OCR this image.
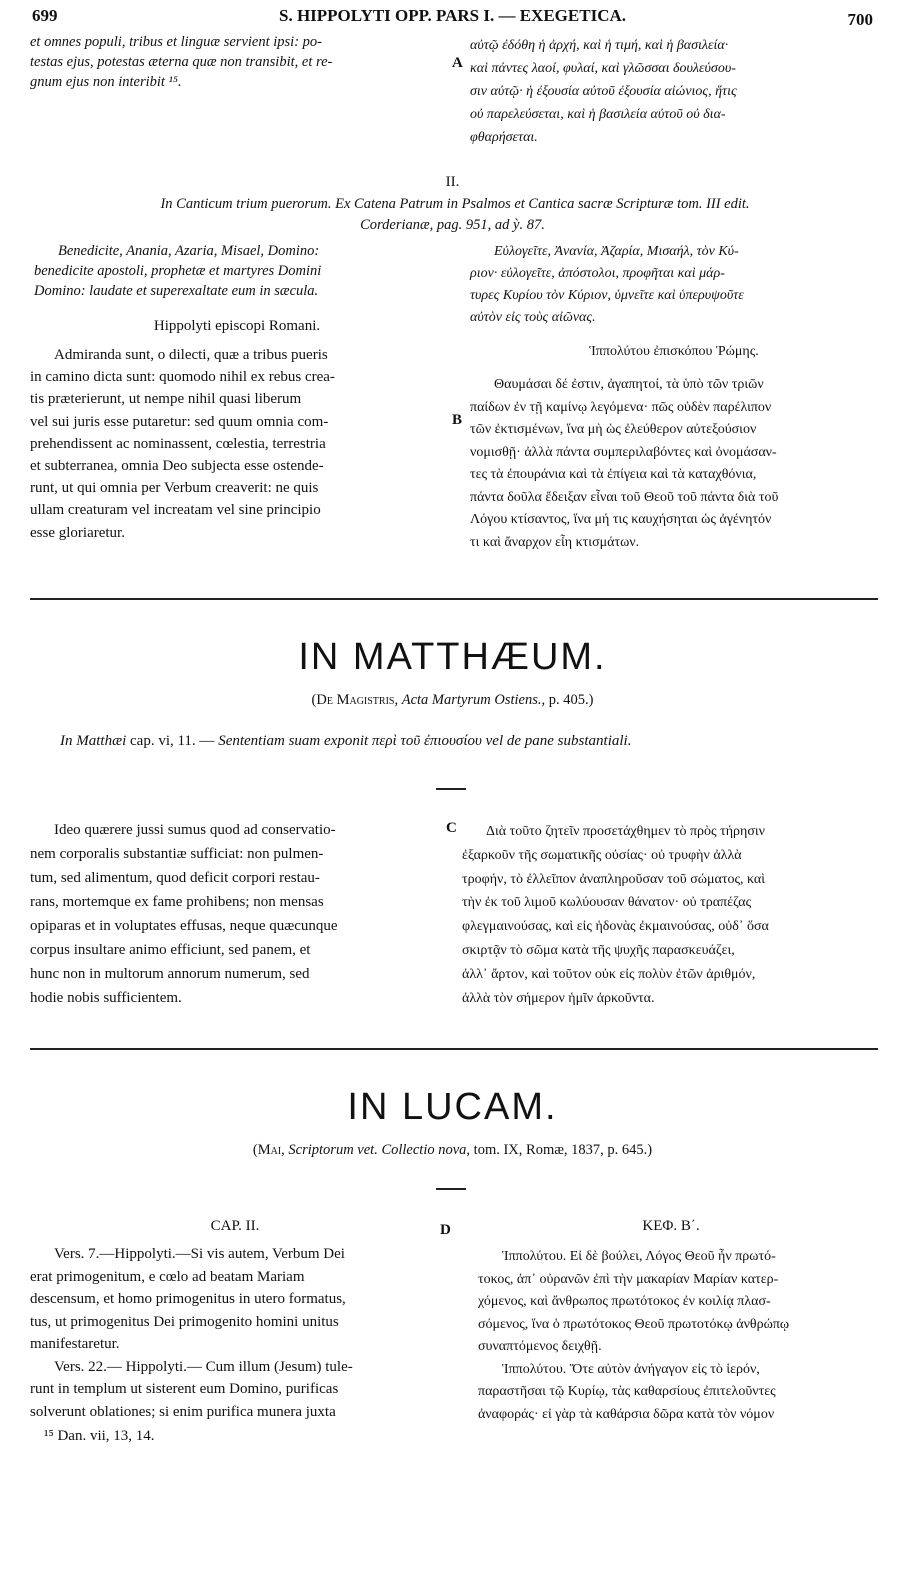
699	S. HIPPOLYTI OPP. PARS I. — EXEGETICA.	700

et omnes populi, tribus et linguæ servient ipsi: po-

testas ejus, potestas æterna quæ non transibit, et re-

gnum ejus non interibit ¹⁵.

A

αὐτῷ ἐδόθη ἡ ἀρχή, καὶ ἡ τιμή, καὶ ἡ βασιλεία·

καὶ πάντες λαοί, φυλαί, καὶ γλῶσσαι δουλεύσου-

σιν αὐτῷ· ἡ ἐξουσία αὐτοῦ ἐξουσία αἰώνιος, ἥτις

οὐ παρελεύσεται, καὶ ἡ βασιλεία αὐτοῦ οὐ δια-

φθαρήσεται.

II.
In Canticum trium puerorum. Ex Catena Patrum in Psalmos et Cantica sacræ Scripturæ tom. III edit.
Corderianæ, pag. 951, ad ỳ. 87.

Benedicite, Anania, Azaria, Misael, Domino:

benedicite apostoli, prophetæ et martyres Domini

Domino: laudate et superexaltate eum in sæcula.

Εὐλογεῖτε, Ἀνανία, Ἀζαρία, Μισαήλ, τὸν Κύ-

ριον· εὐλογεῖτε, ἀπόστολοι, προφῆται καὶ μάρ-

τυρες Κυρίου τὸν Κύριον, ὑμνεῖτε καὶ ὑπερυψοῦτε

αὐτὸν εἰς τοὺς αἰῶνας.

Hippolyti episcopi Romani.
Ἱππολύτου ἐπισκόπου Ῥώμης.

Admiranda sunt, o dilecti, quæ a tribus pueris

in camino dicta sunt: quomodo nihil ex rebus crea-

tis præterierunt, ut nempe nihil quasi liberum

vel sui juris esse putaretur: sed quum omnia com-

prehendissent ac nominassent, cœlestia, terrestria

et subterranea, omnia Deo subjecta esse ostende-

runt, ut qui omnia per Verbum creaverit: ne quis

ullam creaturam vel increatam vel sine principio

esse gloriaretur.

B

Θαυμάσαι δέ ἐστιν, ἀγαπητοί, τὰ ὑπὸ τῶν τριῶν

παίδων ἐν τῇ καμίνῳ λεγόμενα· πῶς οὐδὲν παρέλιπον

τῶν ἐκτισμένων, ἵνα μὴ ὡς ἐλεύθερον αὐτεξούσιον

νομισθῇ· ἀλλὰ πάντα συμπεριλαβόντες καὶ ὀνομάσαν-

τες τὰ ἐπουράνια καὶ τὰ ἐπίγεια καὶ τὰ καταχθόνια,

πάντα δοῦλα ἔδειξαν εἶναι τοῦ Θεοῦ τοῦ πάντα διὰ τοῦ

Λόγου κτίσαντος, ἵνα μή τις καυχήσηται ὡς ἀγένητόν

τι καὶ ἄναρχον εἶη κτισμάτων.

IN MATTHÆUM.
(De Magistris, Acta Martyrum Ostiens., p. 405.)
In Matthæi cap. vi, 11. — Sententiam suam exponit περὶ τοῦ ἐπιουσίου vel de pane substantiali.

Ideo quærere jussi sumus quod ad conservatio-

nem corporalis substantiæ sufficiat: non pulmen-

tum, sed alimentum, quod deficit corpori restau-

rans, mortemque ex fame prohibens; non mensas

opiparas et in voluptates effusas, neque quæcunque

corpus insultare animo efficiunt, sed panem, et

hunc non in multorum annorum numerum, sed

hodie nobis sufficientem.

C	Διὰ τοῦτο ζητεῖν προσετάχθημεν τὸ πρὸς τήρησιν

ἐξαρκοῦν τῆς σωματικῆς οὐσίας· οὐ τρυφὴν ἀλλὰ

τροφήν, τὸ ἐλλεῖπον ἀναπληροῦσαν τοῦ σώματος, καὶ

τὴν ἐκ τοῦ λιμοῦ κωλύουσαν θάνατον· οὐ τραπέζας

φλεγμαινούσας, καὶ εἰς ἡδονὰς ἐκμαινούσας, οὐδ᾽ ὅσα

σκιρτᾷν τὸ σῶμα κατὰ τῆς ψυχῆς παρασκευάζει,

ἀλλ᾽ ἄρτον, καὶ τοῦτον οὐκ εἰς πολὺν ἐτῶν ἀριθμόν,

ἀλλὰ τὸν σήμερον ἡμῖν ἀρκοῦντα.

IN LUCAM.
(Mai, Scriptorum vet. Collectio nova, tom. IX, Romæ, 1837, p. 645.)
CAP. II.	D	ΚΕΦ. Β΄.

Vers. 7.—Hippolyti.—Si vis autem, Verbum Dei

erat primogenitum, e cœlo ad beatam Mariam

descensum, et homo primogenitus in utero formatus,

tus, ut primogenitus Dei primogenito homini unitus

manifestaretur.

Vers. 22.— Hippolyti.— Cum illum (Jesum) tule-

runt in templum ut sisterent eum Domino, purificas

solverunt oblationes; si enim purifica munera juxta

Ἱππολύτου. Εἰ δὲ βούλει, Λόγος Θεοῦ ἦν πρωτό-

τοκος, ἀπ᾽ οὐρανῶν ἐπὶ τὴν μακαρίαν Μαρίαν κατερ-

χόμενος, καὶ ἄνθρωπος πρωτότοκος ἐν κοιλίᾳ πλασ-

σόμενος, ἵνα ὁ πρωτότοκος Θεοῦ πρωτοτόκῳ ἀνθρώπῳ

συναπτόμενος δειχθῇ.

Ἱππολύτου. Ὅτε αὐτὸν ἀνήγαγον εἰς τὸ ἱερόν,

παραστῆσαι τῷ Κυρίῳ, τὰς καθαρσίους ἐπιτελοῦντες

ἀναφοράς· εἰ γὰρ τὰ καθάρσια δῶρα κατὰ τὸν νόμον

¹⁵ Dan. vii, 13, 14.
